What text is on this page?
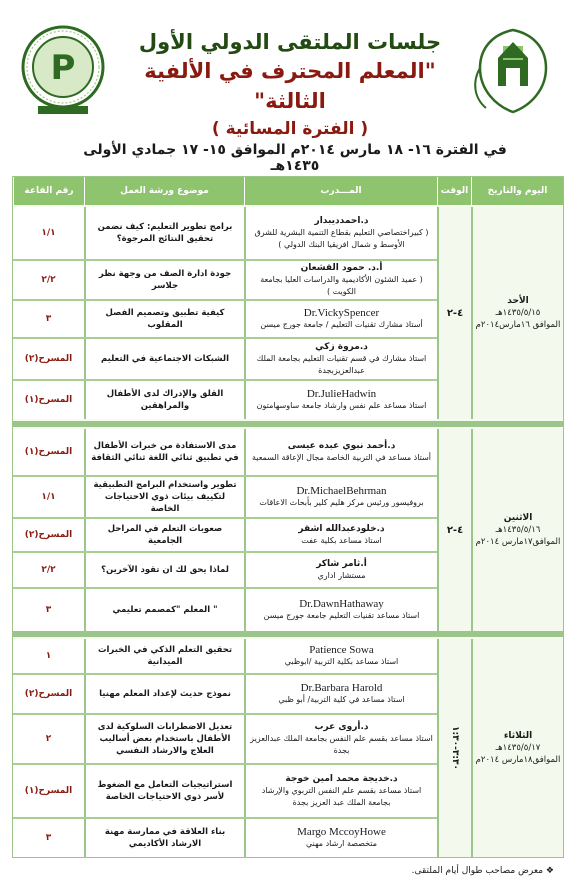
P
جلسات الملتقى الدولي الأول
"المعلم المحترف في الألفية الثالثة"
( الفترة المسائية )
في الفترة ١٦- ١٨ مارس ٢٠١٤م الموافق ١٥- ١٧ جمادي الأولى ١٤٣٥هـ
اليوم والتاريخ
الوقت
المـــدرب
موضوع ورشة العمل
رقم القاعة
الأحد
١٤٣٥/٥/١٥هـ
الموافق ١٦مارس٢٠١٤م
٤-٢
د.احمدديبدار
( كبيراختصاصي التعليم بقطاع التنمية البشرية للشرق الأوسط و شمال افريقيا البنك الدولي )
برامج تطوير التعليم: كيف نضمن تحقيق النتائج المرجوة؟
١/١
أ.د. حمود القشعان
( عميد الشئون الأكاديمية والدراسات العليا بجامعة الكويت )
جودة ادارة الصف من وجهة نظر جلاسر
٢/٢
Dr.VickySpencer
أستاذ مشارك تقنيات التعليم / جامعة جورج ميسن
كيفية تطبيق وتصميم الفصل المقلوب
٣
د.مروة زكي
استاذ مشارك في قسم تقنيات التعليم بجامعة الملك عبدالعزيزبجدة
الشبكات الاجتماعية في التعليم
المسرح(٢)
Dr.JulieHadwin
استاذ مساعد علم نفس وارشاد جامعة ساوسهامتون
القلق والإدراك لدى الأطفال والمراهقين
المسرح(١)
الاثنين
١٤٣٥/٥/١٦هـ
الموافق١٧مارس ٢٠١٤م
٤-٢
د.أحمد نبوي عبده عيسى
أستاذ مساعد في التربية الخاصة مجال الإعاقة السمعية
مدى الاستفادة من خبرات الأطفال في تطبيق ثنائي اللغة ثنائي الثقافة
المسرح(١)
Dr.MichaelBehrman
بروفيسور ورئيس مركز هليم كلير بأبحاث الاعاقات
تطوير واستخدام البرامج التطبيقية لتكييف بيئات ذوي الاحتياجات الخاصة
١/١
د.خلودعبدالله اشقر
استاذ مساعد بكلية عفت
صعوبات التعلم في المراحل الجامعية
المسرح(٢)
أ.ثامر شاكر
مستشار اداري
لماذا يحق لك ان تقود الآخرين؟
٢/٢
Dr.DawnHathaway
استاذ مساعد تقنيات التعليم جامعة جورج ميسن
" المعلم "كمصمم تعليمي
٣
الثلاثاء
١٤٣٥/٥/١٧هـ
الموافق١٨مارس ٢٠١٤م
٣:٣٠-١:٣٠
Patience Sowa
استاذ مساعد بكلية التربية /ابوظبي
تحقيق التعلم الذكي في الخبرات الميدانية
١
Dr.Barbara Harold
استاذ مساعد في كلية التربية/ أبو ظبي
نموذج حديث لإعداد المعلم مهنيا
المسرح(٢)
د.أروى عرب
استاذ مساعد بقسم علم النفس بجامعة الملك عبدالعزيز بجدة
تعديل الاضطرابات السلوكية لدى الأطفال باستخدام بعض أساليب العلاج والارشاد النفسي
٢
د.خديجة محمد امين خوجة
استاذ مساعد بقسم علم النفس التربوي والإرشاد بجامعة الملك عبد العزيز بجدة
استراتيجيات التعامل مع الضغوط لأسر ذوي الاحتياجات الخاصة
المسرح(١)
Margo MccoyHowe
متخصصة ارشاد مهني
بناء العلاقة في ممارسة مهنة الارشاد الأكاديمي
٣
❖ معرض مصاحب طوال أيام الملتقى.
